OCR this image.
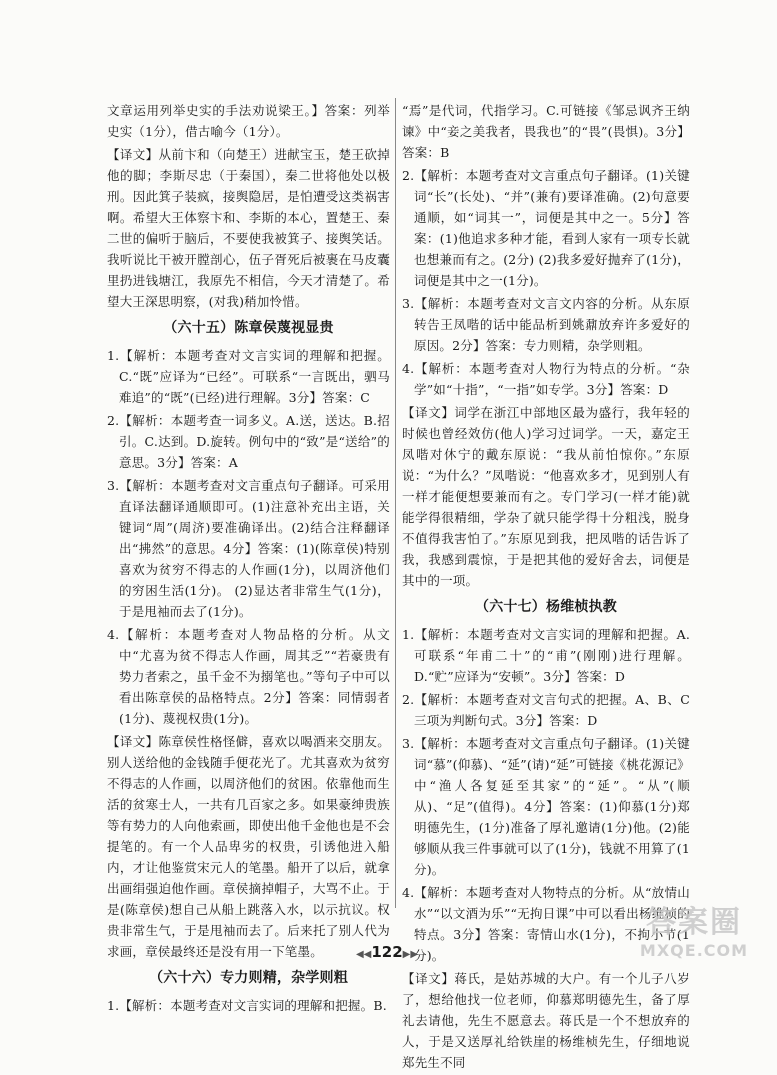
文章运用列举史实的手法劝说梁王。】答案：列举史实（1分），借古喻今（1分）。

【译文】从前卞和（向楚王）进献宝玉，楚王砍掉他的脚；李斯尽忠（于秦国），秦二世将他处以极刑。因此箕子装疯，接舆隐居，是怕遭受这类祸害啊。希望大王体察卞和、李斯的本心，置楚王、秦二世的偏听于脑后，不要使我被箕子、接舆笑话。我听说比干被开膛剖心，伍子胥死后被裹在马皮囊里扔进钱塘江，我原先不相信，今天才清楚了。希望大王深思明察，(对我)稍加怜惜。

（六十五）陈章侯蔑视显贵

1.【解析：本题考查对文言实词的理解和把握。C.“既”应译为“已经”。可联系“一言既出，驷马难追”的“既”(已经)进行理解。3分】答案：C

2.【解析：本题考查一词多义。A.送，送达。B.招引。C.达到。D.旋转。例句中的“致”是“送给”的意思。3分】答案：A

3.【解析：本题考查对文言重点句子翻译。可采用直译法翻译通顺即可。(1)注意补充出主语，关键词“周”(周济)要准确译出。(2)结合注释翻译出“拂然”的意思。4分】答案：(1)(陈章侯)特别喜欢为贫穷不得志的人作画(1分)，以周济他们的穷困生活(1分)。 (2)显达者非常生气(1分)，于是甩袖而去了(1分)。

4.【解析：本题考查对人物品格的分析。从文中“尤喜为贫不得志人作画，周其乏”“若豪贵有势力者索之，虽千金不为搦笔也。”等句子中可以看出陈章侯的品格特点。2分】答案：同情弱者(1分)、蔑视权贵(1分)。

【译文】陈章侯性格怪僻，喜欢以喝酒来交朋友。别人送给他的金钱随手便花光了。尤其喜欢为贫穷不得志的人作画，以周济他们的贫困。依靠他而生活的贫寒士人，一共有几百家之多。如果豪绅贵族等有势力的人向他索画，即使出他千金他也是不会提笔的。有一个人品卑劣的权贵，引诱他进入船内，才让他鉴赏宋元人的笔墨。船开了以后，就拿出画绢强迫他作画。章侯摘掉帽子，大骂不止。于是(陈章侯)想自己从船上跳落入水，以示抗议。权贵非常生气，于是甩袖而去了。后来托了别人代为求画，章侯最终还是没有用一下笔墨。

（六十六）专力则精，杂学则粗

1.【解析：本题考查对文言实词的理解和把握。B.

“焉”是代词，代指学习。C.可链接《邹忌讽齐王纳谏》中“妾之美我者，畏我也”的“畏”(畏惧)。3分】答案：B

2.【解析：本题考查对文言重点句子翻译。(1)关键词“长”(长处)、“并”(兼有)要译准确。(2)句意要通顺，如“词其一”，词便是其中之一。5分】答案：(1)他追求多种才能，看到人家有一项专长就也想兼而有之。(2分) (2)我多爱好抛弃了(1分)，词便是其中之一(1分)。

3.【解析：本题考查对文言文内容的分析。从东原转告王凤喈的话中能品析到姚鼐放弃许多爱好的原因。2分】答案：专力则精，杂学则粗。

4.【解析：本题考查对人物行为特点的分析。“杂学”如“十指”，“一指”如专学。3分】答案：D

【译文】词学在浙江中部地区最为盛行，我年轻的时候也曾经效仿(他人)学习过词学。一天，嘉定王凤喈对休宁的戴东原说：“我从前怕惊你。”东原说：“为什么？”凤喈说：“他喜欢多才，见到别人有一样才能便想要兼而有之。专门学习(一样才能)就能学得很精细，学杂了就只能学得十分粗浅，脱身不值得我害怕了。”东原见到我，把凤喈的话告诉了我，我感到震惊，于是把其他的爱好舍去，词便是其中的一项。

（六十七）杨维桢执教

1.【解析：本题考查对文言实词的理解和把握。A.可联系“年甫二十”的“甫”(刚刚)进行理解。D.“贮”应译为“安顿”。3分】答案：D

2.【解析：本题考查对文言句式的把握。A、B、C三项为判断句式。3分】答案：D

3.【解析：本题考查对文言重点句子翻译。(1)关键词“慕”(仰慕)、“延”(请)“延”可链接《桃花源记》中“渔人各复延至其家”的“延”。“从”(顺从)、“足”(值得)。4分】答案：(1)仰慕(1分)郑明德先生，(1分)准备了厚礼邀请(1分)他。(2)能够顺从我三件事就可以了(1分)，钱就不用算了(1分)。

4.【解析：本题考查对人物特点的分析。从“放情山水”“以文酒为乐”“无拘日课”中可以看出杨维桢的特点。3分】答案：寄情山水(1分)，不拘小节(1分)。

【译文】蒋氏，是姑苏城的大户。有一个儿子八岁了，想给他找一位老师，仰慕郑明德先生，备了厚礼去请他，先生不愿意去。蒋氏是一个不想放弃的人，于是又送厚礼给铁崖的杨维桢先生，仔细地说郑先生不同

◀◀122▶▶
答案圈
MXQE.COM
